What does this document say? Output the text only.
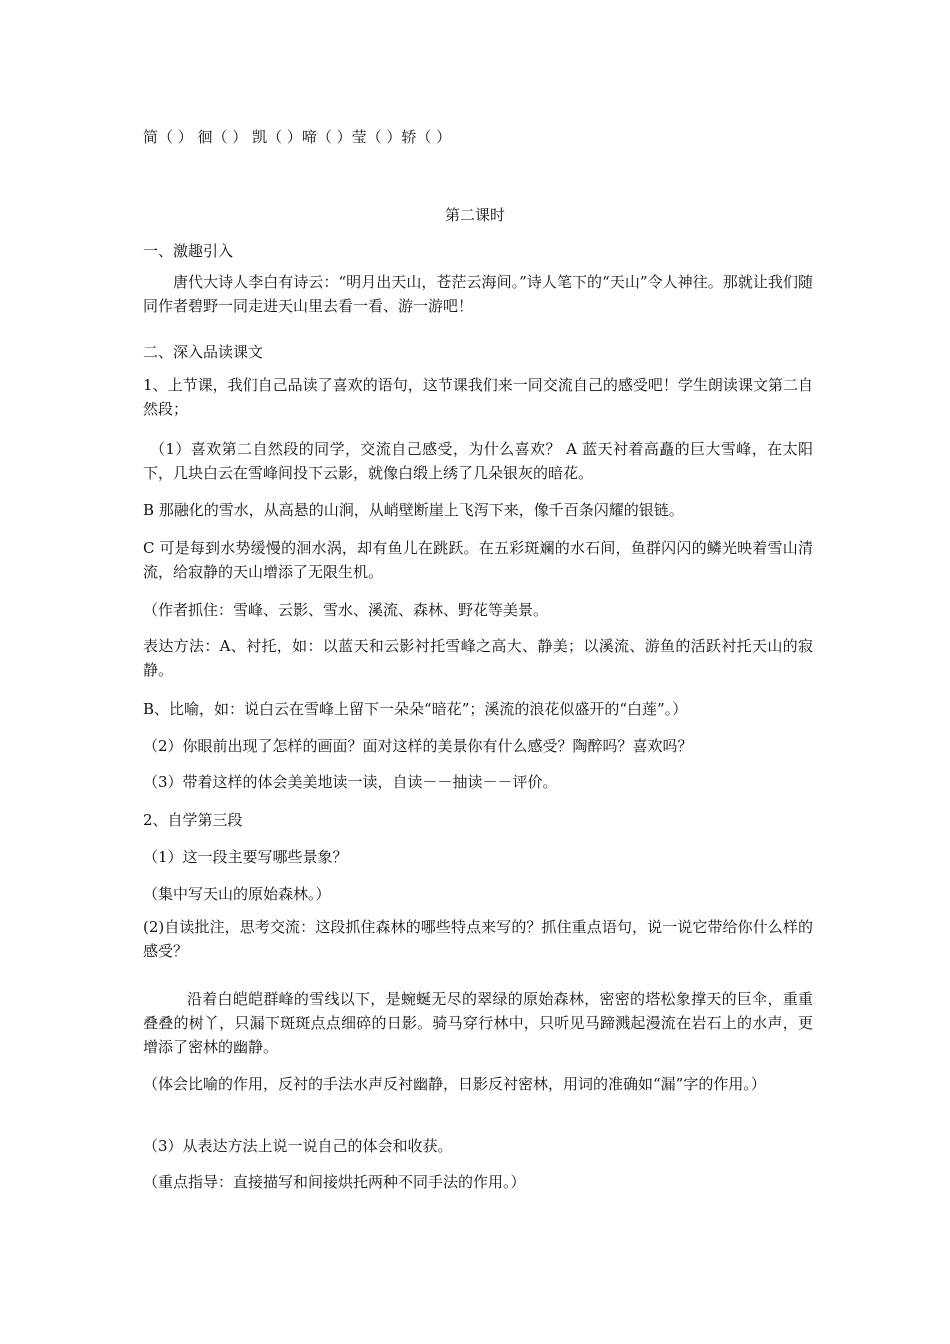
简（ ） 徊（ ） 凯（ ）啼（ ）莹（ ）轿（ ）
第二课时
一、激趣引入
唐代大诗人李白有诗云：“明月出天山，苍茫云海间。”诗人笔下的“天山”令人神往。那就让我们随同作者碧野一同走进天山里去看一看、游一游吧！
二、深入品读课文
1、上节课，我们自己品读了喜欢的语句，这节课我们来一同交流自己的感受吧！学生朗读课文第二自然段；
（1）喜欢第二自然段的同学，交流自己感受，为什么喜欢？ A 蓝天衬着高矗的巨大雪峰，在太阳下，几块白云在雪峰间投下云影，就像白缎上绣了几朵银灰的暗花。
B 那融化的雪水，从高悬的山涧，从峭壁断崖上飞泻下来，像千百条闪耀的银链。
C 可是每到水势缓慢的洄水涡，却有鱼儿在跳跃。在五彩斑斓的水石间，鱼群闪闪的鳞光映着雪山清流，给寂静的天山增添了无限生机。
（作者抓住：雪峰、云影、雪水、溪流、森林、野花等美景。
表达方法：A、衬托，如：以蓝天和云影衬托雪峰之高大、静美；以溪流、游鱼的活跃衬托天山的寂静。
B、比喻，如：说白云在雪峰上留下一朵朵“暗花”；溪流的浪花似盛开的“白莲”。）
（2）你眼前出现了怎样的画面？面对这样的美景你有什么感受？陶醉吗？喜欢吗？
（3）带着这样的体会美美地读一读，自读－－抽读－－评价。
2、自学第三段
（1）这一段主要写哪些景象？
（集中写天山的原始森林。）
(2)自读批注，思考交流：这段抓住森林的哪些特点来写的？抓住重点语句，说一说它带给你什么样的感受？
沿着白皑皑群峰的雪线以下，是蜿蜒无尽的翠绿的原始森林，密密的塔松象撑天的巨伞，重重叠叠的树丫，只漏下斑斑点点细碎的日影。骑马穿行林中，只听见马蹄溅起漫流在岩石上的水声，更增添了密林的幽静。
（体会比喻的作用，反衬的手法水声反衬幽静，日影反衬密林，用词的准确如“漏”字的作用。）
（3）从表达方法上说一说自己的体会和收获。
（重点指导：直接描写和间接烘托两种不同手法的作用。）
